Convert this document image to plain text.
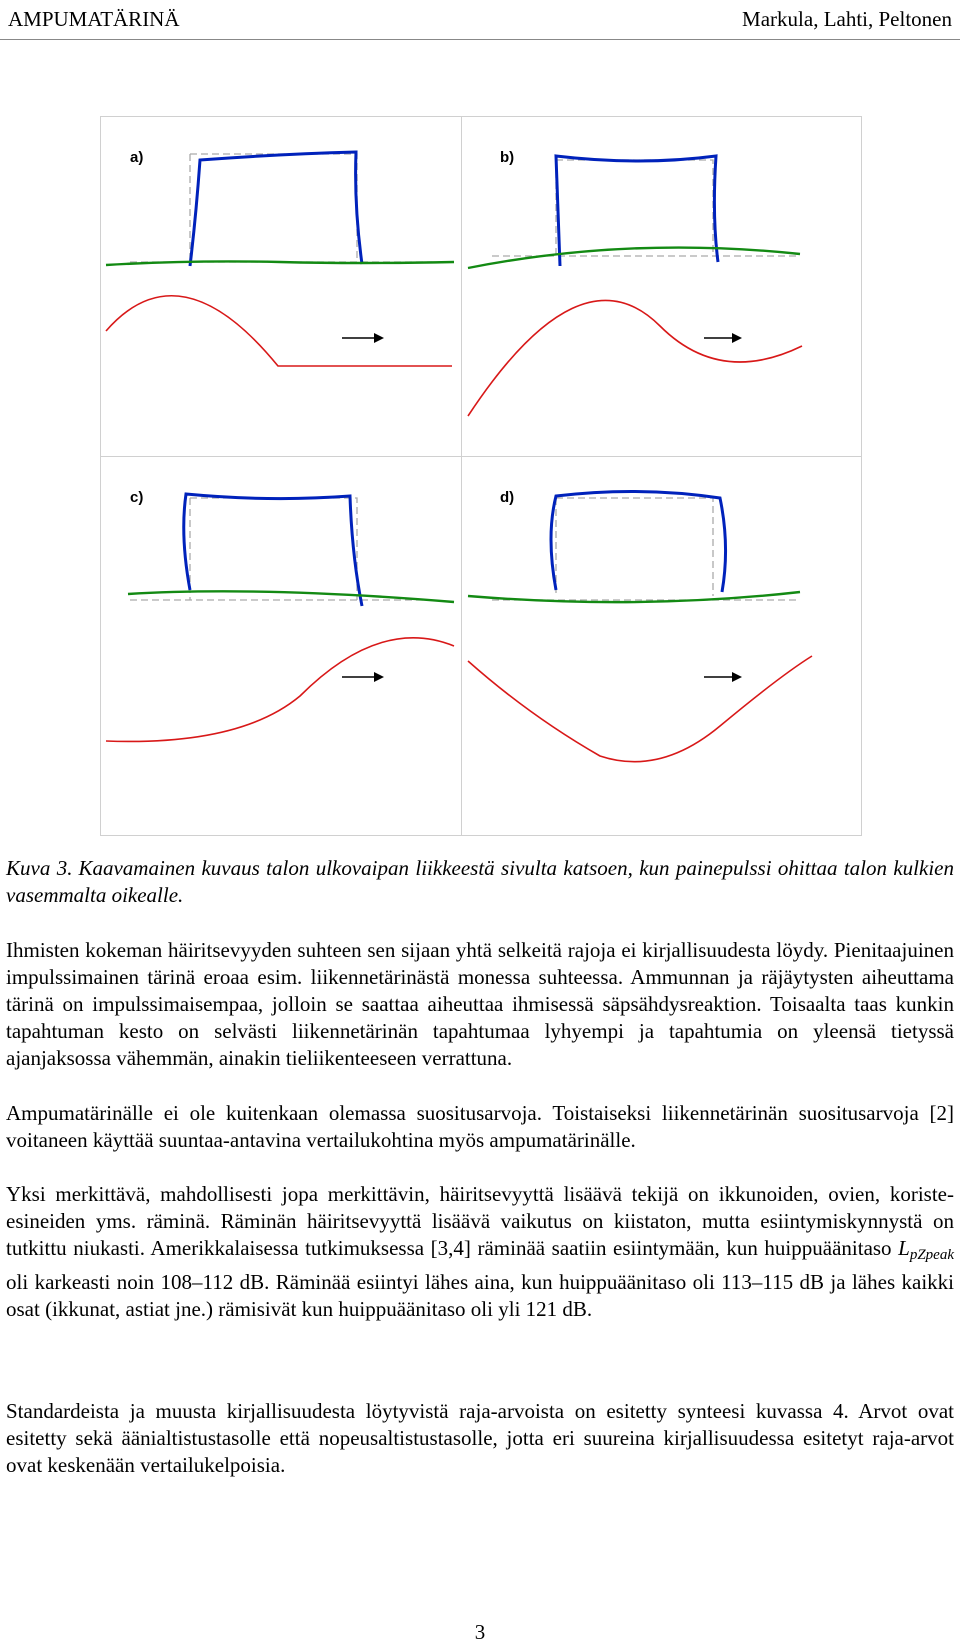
AMPUMATÄRINÄ	Markula, Lahti, Peltonen
a)	b)
c)	d)
Kuva 3. Kaavamainen kuvaus talon ulkovaipan liikkeestä sivulta katsoen, kun painepulssi ohittaa talon kulkien vasemmalta oikealle.

Ihmisten kokeman häiritsevyyden suhteen sen sijaan yhtä selkeitä rajoja ei kirjallisuudesta löydy. Pienitaajuinen impulssimainen tärinä eroaa esim. liikennetärinästä monessa suhteessa. Ammunnan ja räjäytysten aiheuttama tärinä on impulssimaisempaa, jolloin se saattaa aiheuttaa ihmisessä säpsähdysreaktion. Toisaalta taas kunkin tapahtuman kesto on selvästi liikennetärinän tapahtumaa lyhyempi ja tapahtumia on yleensä tietyssä ajanjaksossa vähemmän, ainakin tieliikenteeseen verrattuna.

Ampumatärinälle ei ole kuitenkaan olemassa suositusarvoja. Toistaiseksi liikennetärinän suositusarvoja [2] voitaneen käyttää suuntaa-antavina vertailukohtina myös ampumatärinälle.

Yksi merkittävä, mahdollisesti jopa merkittävin, häiritsevyyttä lisäävä tekijä on ikkunoiden, ovien, koriste-esineiden yms. räminä. Räminän häiritsevyyttä lisäävä vaikutus on kiistaton, mutta esiintymiskynnystä on tutkittu niukasti. Amerikkalaisessa tutkimuksessa [3,4] räminää saatiin esiintymään, kun huippuäänitaso $L_{pZpeak}$ oli karkeasti noin 108–112 dB. Räminää esiintyi lähes aina, kun huippuäänitaso oli 113–115 dB ja lähes kaikki osat (ikkunat, astiat jne.) rämisivät kun huippuäänitaso oli yli 121 dB.

Standardeista ja muusta kirjallisuudesta löytyvistä raja-arvoista on esitetty synteesi kuvassa 4. Arvot ovat esitetty sekä äänialtistustasolle että nopeusaltistustasolle, jotta eri suureina kirjallisuudessa esitetyt raja-arvot ovat keskenään vertailukelpoisia.

3
